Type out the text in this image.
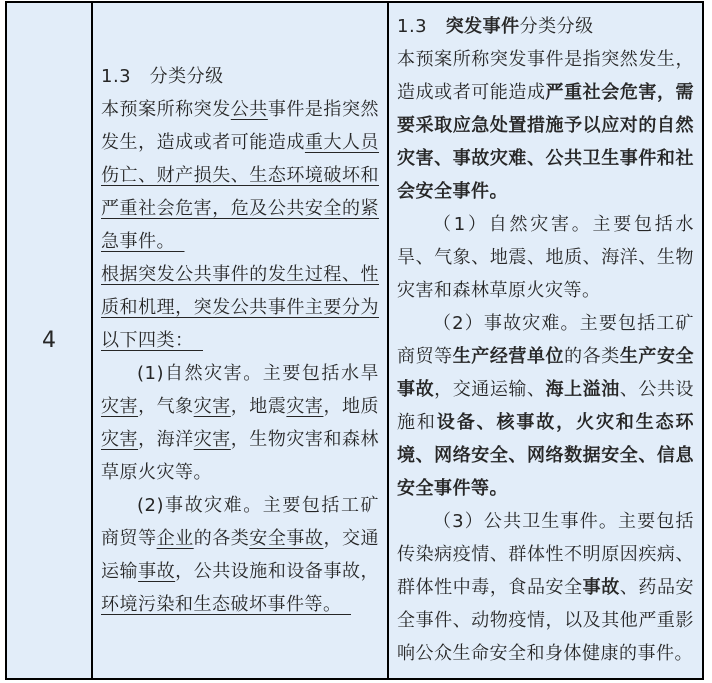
4

1.3　分类分级

本预案所称突发公共事件是指突然发生，造成或者可能造成重大人员伤亡、财产损失、生态环境破坏和严重社会危害，危及公共安全的紧急事件。　

根据突发公共事件的发生过程、性质和机理，突发公共事件主要分为以下四类：　

(1)自然灾害。主要包括水旱灾害，气象灾害，地震灾害，地质灾害，海洋灾害，生物灾害和森林草原火灾等。

(2)事故灾难。主要包括工矿商贸等企业的各类安全事故，交通运输事故，公共设施和设备事故，环境污染和生态破坏事件等。　

1.3　突发事件分类分级

本预案所称突发事件是指突然发生，造成或者可能造成严重社会危害，需要采取应急处置措施予以应对的自然灾害、事故灾难、公共卫生事件和社会安全事件。

（1）自然灾害。主要包括水旱、气象、地震、地质、海洋、生物灾害和森林草原火灾等。

（2）事故灾难。主要包括工矿商贸等生产经营单位的各类生产安全事故，交通运输、海上溢油、公共设施和设备、核事故，火灾和生态环境、网络安全、网络数据安全、信息安全事件等。

（3）公共卫生事件。主要包括传染病疫情、群体性不明原因疾病、群体性中毒，食品安全事故、药品安全事件、动物疫情，以及其他严重影响公众生命安全和身体健康的事件。
